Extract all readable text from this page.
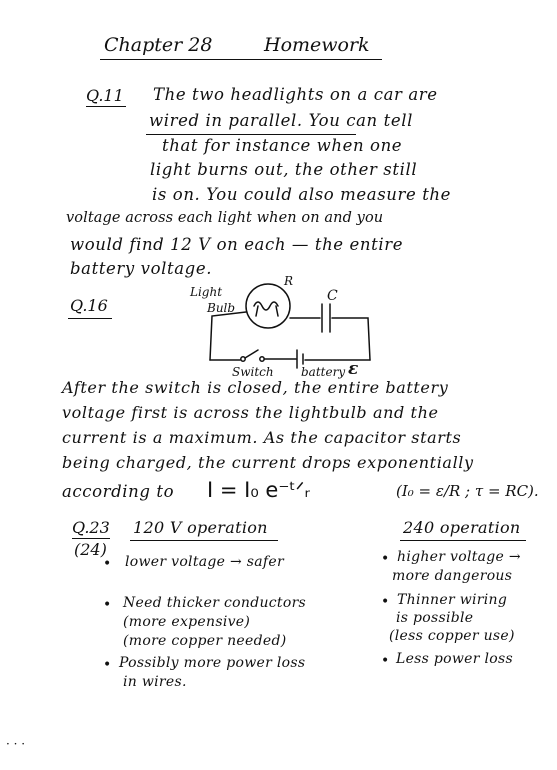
Chapter 28	Homework
Q.11 The two headlights on a car are
wired in parallel. You can tell
that for instance when one
light burns out, the other still
is on. You could also measure the
voltage across each light when on and you
would find 12 V on each — the entire
battery voltage.
Q.16
Light
Bulb
R
C
Switch battery ε
After the switch is closed, the entire battery
voltage first is across the lightbulb and the
current is a maximum. As the capacitor starts
being charged, the current drops exponentially
according to I = I₀ e⁻ᵗᐟᵣ	(I₀ = ε/R ; τ = RC).
Q.23
(24)
120 V operation	240 operation
• lower voltage → safer
• Need thicker conductors
(more expensive)
(more copper needed)
• Possibly more power loss
in wires.
• higher voltage →
more dangerous
• Thinner wiring
is possible
(less copper use)
• Less power loss
· · ·
